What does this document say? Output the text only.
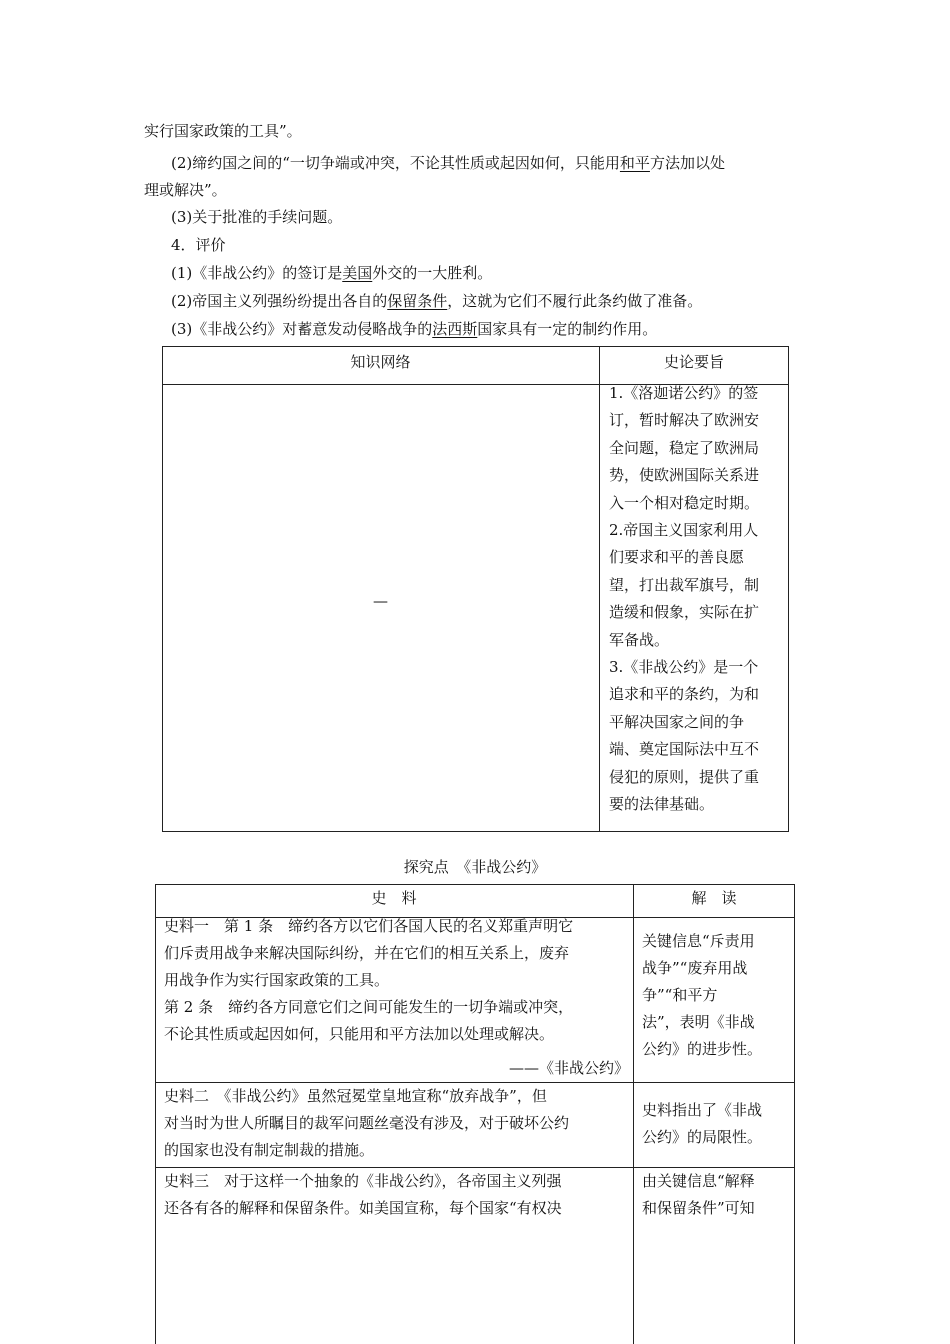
实行国家政策的工具”。
(2)缔约国之间的“一切争端或冲突，不论其性质或起因如何，只能用和平方法加以处
理或解决”。
(3)关于批准的手续问题。
4．评价
(1)《非战公约》的签订是美国外交的一大胜利。
(2)帝国主义列强纷纷提出各自的保留条件，这就为它们不履行此条约做了准备。
(3)《非战公约》对蓄意发动侵略战争的法西斯国家具有一定的制约作用。
知识网络	史论要旨
—
1.《洛迦诺公约》的签
订，暂时解决了欧洲安
全问题，稳定了欧洲局
势，使欧洲国际关系进
入一个相对稳定时期。
2.帝国主义国家利用人
们要求和平的善良愿
望，打出裁军旗号，制
造缓和假象，实际在扩
军备战。
3.《非战公约》是一个
追求和平的条约，为和
平解决国家之间的争
端、奠定国际法中互不
侵犯的原则，提供了重
要的法律基础。
探究点　《非战公约》
史　料	解　读
史料一　第 1 条　缔约各方以它们各国人民的名义郑重声明它
们斥责用战争来解决国际纠纷，并在它们的相互关系上，废弃
用战争作为实行国家政策的工具。
第 2 条　缔约各方同意它们之间可能发生的一切争端或冲突，
不论其性质或起因如何，只能用和平方法加以处理或解决。
——《非战公约》
关键信息“斥责用
战争”“废弃用战
争”“和平方
法”，表明《非战
公约》的进步性。
史料二　《非战公约》虽然冠冕堂皇地宣称“放弃战争”，但
对当时为世人所瞩目的裁军问题丝毫没有涉及，对于破坏公约
的国家也没有制定制裁的措施。
史料指出了《非战
公约》的局限性。
史料三　对于这样一个抽象的《非战公约》，各帝国主义列强
还各有各的解释和保留条件。如美国宣称，每个国家“有权决
由关键信息“解释
和保留条件”可知
